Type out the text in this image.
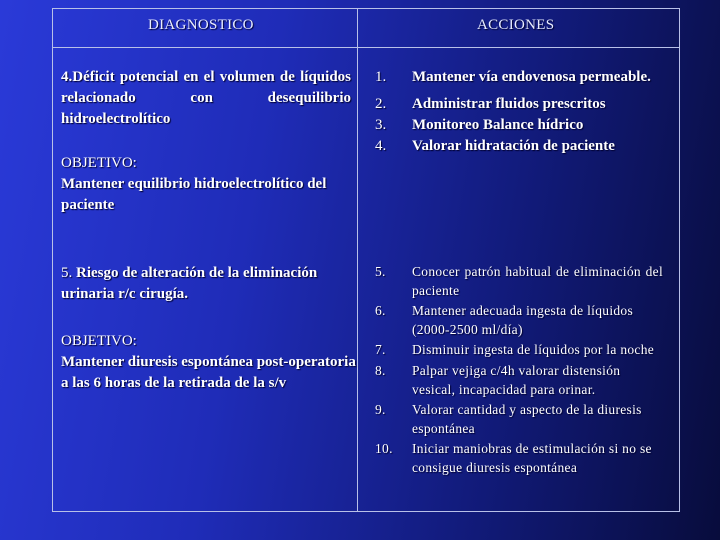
DIAGNOSTICO	ACCIONES
4.Déficit potencial en el volumen de líquidos relacionado con desequilibrio hidroelectrolítico
OBJETIVO:
Mantener equilibrio hidroelectrolítico del paciente
1. Mantener vía endovenosa permeable.
2. Administrar fluidos prescritos
3. Monitoreo Balance hídrico
4. Valorar hidratación de paciente
5. Riesgo de alteración de la eliminación urinaria r/c cirugía.
OBJETIVO:
Mantener diuresis espontánea post-operatoria a las 6 horas de la retirada de la s/v
5. Conocer patrón habitual de eliminación del paciente
6. Mantener adecuada ingesta de líquidos (2000-2500 ml/día)
7. Disminuir ingesta de líquidos por la noche
8. Palpar vejiga c/4h valorar distensión vesical, incapacidad para orinar.
9. Valorar cantidad y aspecto de la diuresis espontánea
10. Iniciar maniobras de estimulación si no se consigue diuresis espontánea
